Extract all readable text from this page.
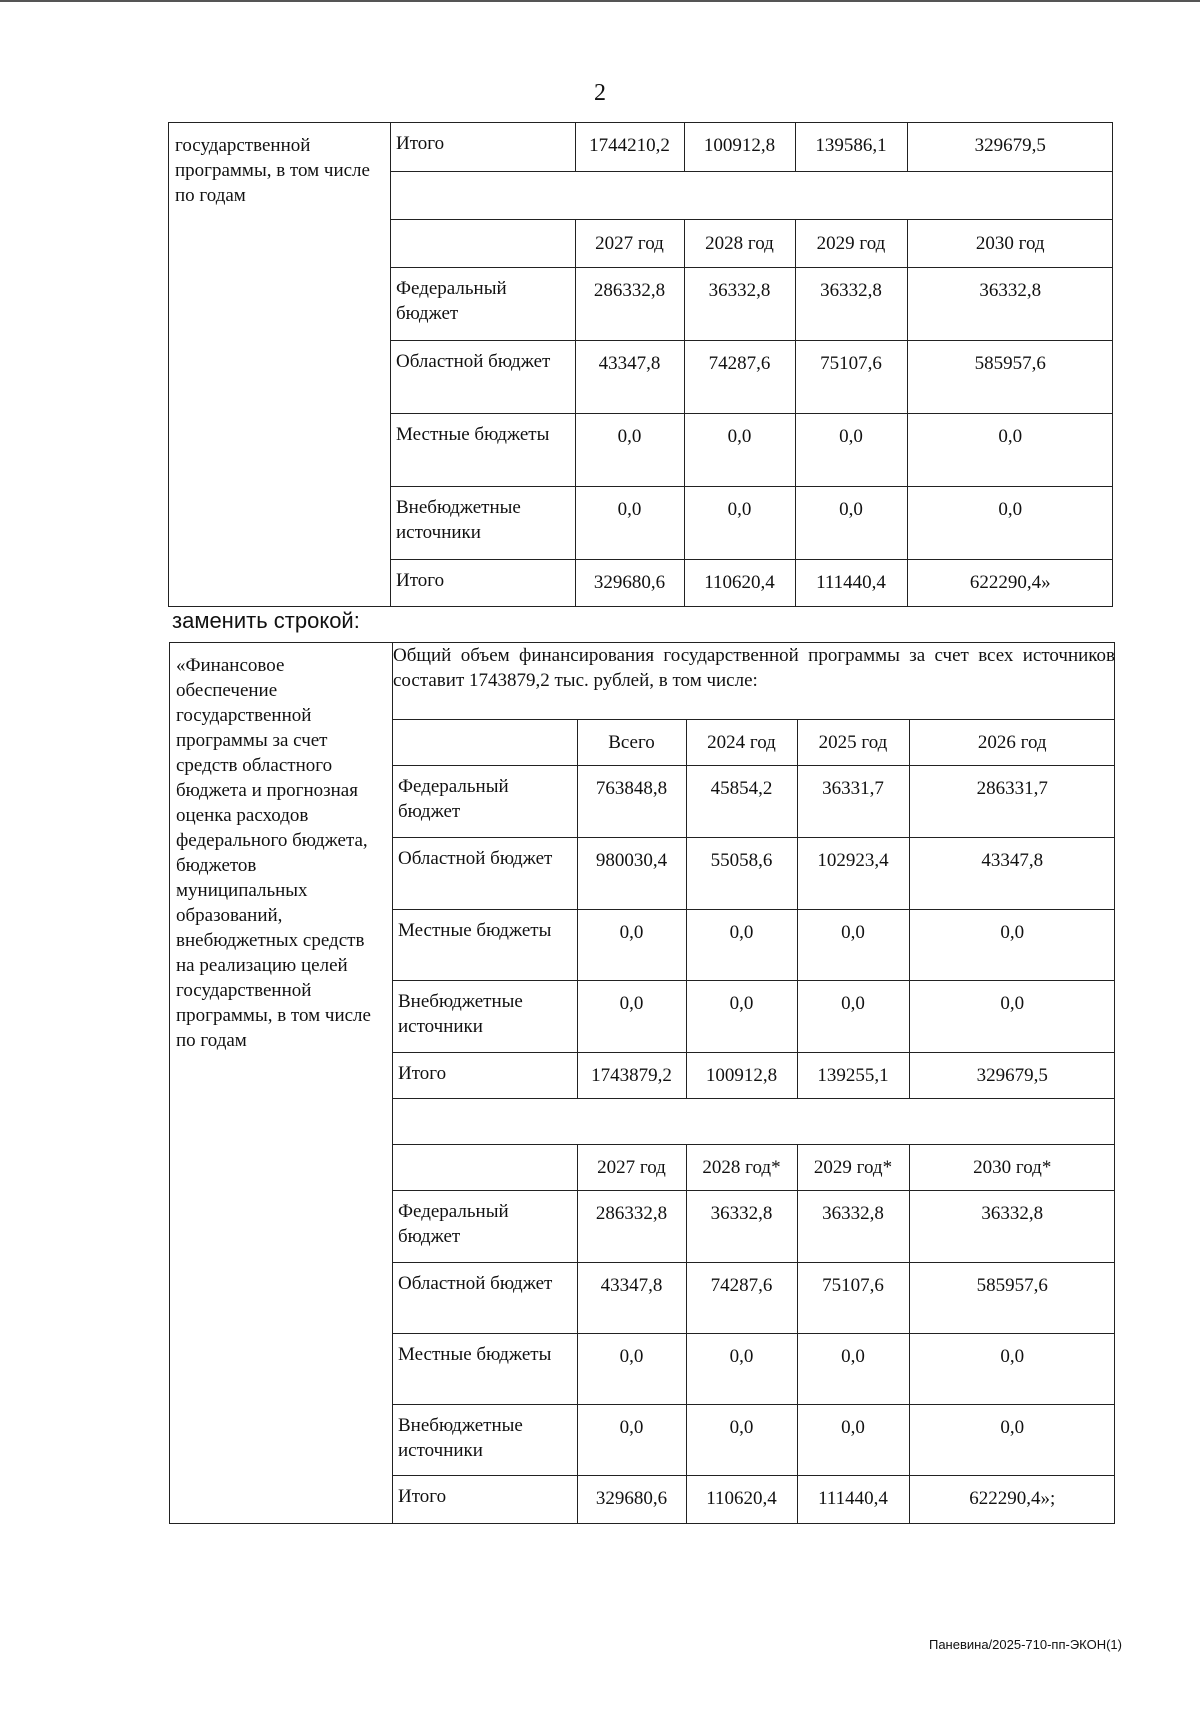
2
государственной программы, в том числе по годам	
Итого	1744210,2	100912,8	139586,1	329679,5

	2027 год	2028 год	2029 год	2030 год
Федеральный бюджет	286332,8	36332,8	36332,8	36332,8
Областной бюджет	43347,8	74287,6	75107,6	585957,6
Местные бюджеты	0,0	0,0	0,0	0,0
Внебюджетные источники	0,0	0,0	0,0	0,0
Итого	329680,6	110620,4	111440,4	622290,4»
заменить строкой:
«Финансовое обеспечение государственной программы за счет средств областного бюджета и прогнозная оценка расходов федерального бюджета, бюджетов муниципальных образований, внебюджетных средств на реализацию целей государственной программы, в том числе по годам	
Общий объем финансирования государственной программы за счет всех источников составит 1743879,2 тыс. рублей, в том числе:
	Всего	2024 год	2025 год	2026 год
Федеральный бюджет	763848,8	45854,2	36331,7	286331,7
Областной бюджет	980030,4	55058,6	102923,4	43347,8
Местные бюджеты	0,0	0,0	0,0	0,0
Внебюджетные источники	0,0	0,0	0,0	0,0
Итого	1743879,2	100912,8	139255,1	329679,5

	2027 год	2028 год*	2029 год*	2030 год*
Федеральный бюджет	286332,8	36332,8	36332,8	36332,8
Областной бюджет	43347,8	74287,6	75107,6	585957,6
Местные бюджеты	0,0	0,0	0,0	0,0
Внебюджетные источники	0,0	0,0	0,0	0,0
Итого	329680,6	110620,4	111440,4	622290,4»;
Паневина/2025-710-пп-ЭКОН(1)
